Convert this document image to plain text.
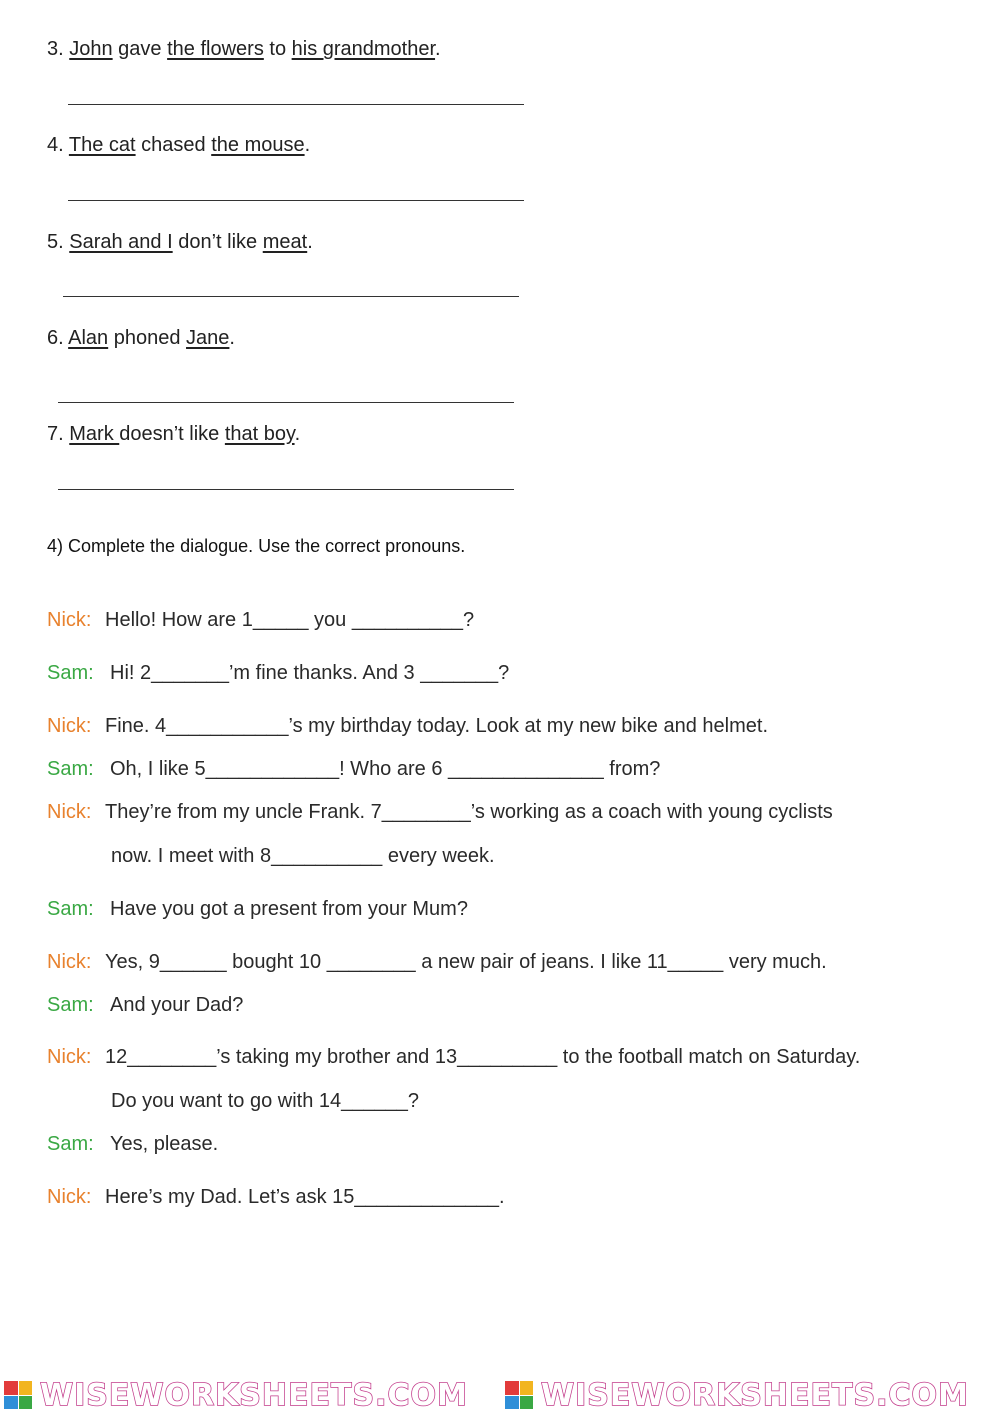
3. John gave the flowers to his grandmother.
4. The cat chased the mouse.
5. Sarah and I don’t like meat.
6. Alan phoned Jane.
7. Mark doesn’t like that boy.
4) Complete the dialogue. Use the correct pronouns.
Nick: Hello! How are 1_____ you __________?
Sam: Hi! 2_______’m fine thanks. And 3 _______?
Nick: Fine. 4___________’s my birthday today. Look at my new bike and helmet.
Sam: Oh, I like 5____________! Who are 6 ______________ from?
Nick: They’re from my uncle Frank. 7________’s working as a coach with young cyclists
now. I meet with 8__________ every week.
Sam: Have you got a present from your Mum?
Nick: Yes, 9______ bought 10 ________ a new pair of jeans. I like 11_____ very much.
Sam: And your Dad?
Nick: 12________’s taking my brother and 13_________ to the football match on Saturday.
Do you want to go with 14______?
Sam: Yes, please.
Nick: Here’s my Dad. Let’s ask 15_____________.
WISEWORKSHEETS.COM WISEWORKSHEETS.COM
